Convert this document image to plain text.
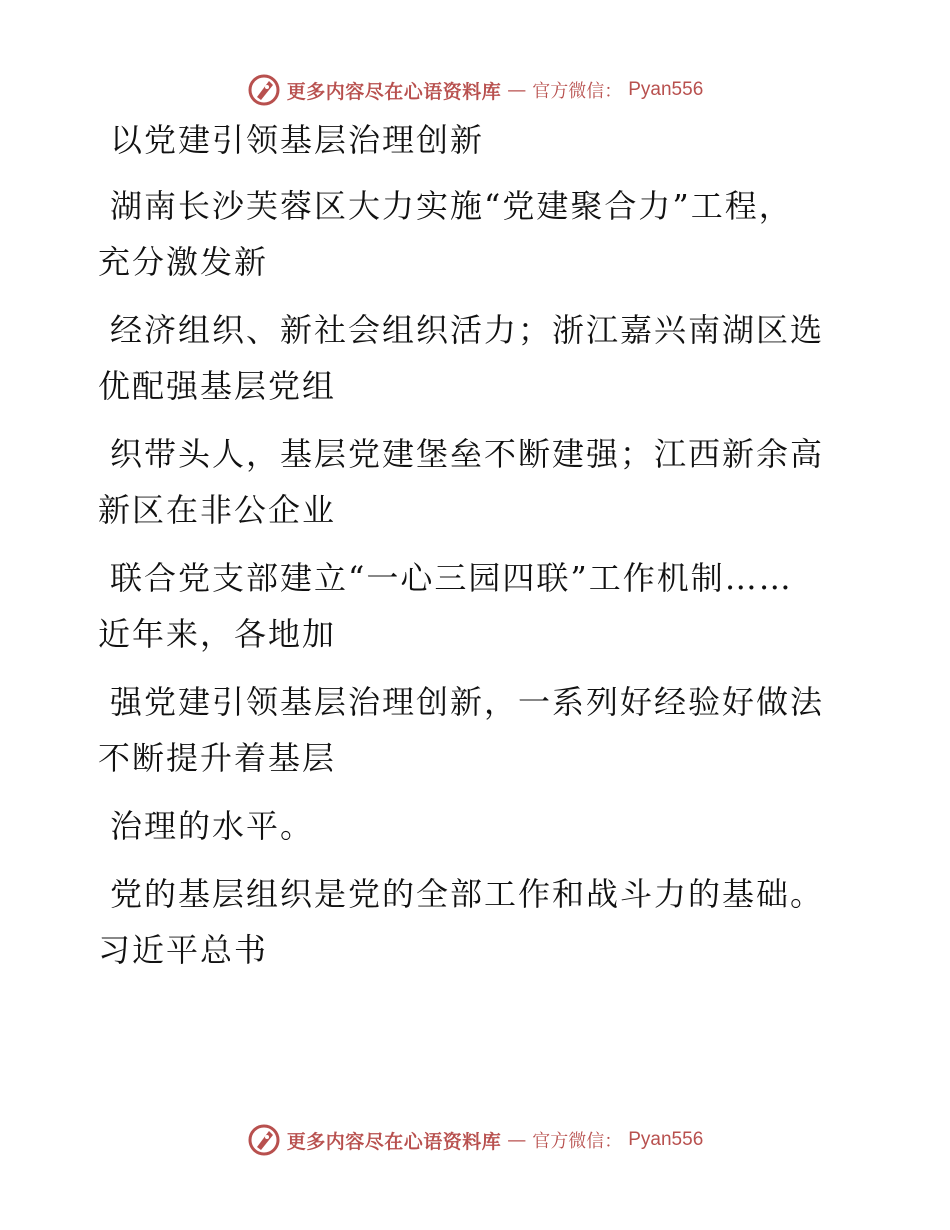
更多内容尽在心语资料库 — 官方微信： Pyan556
以党建引领基层治理创新
湖南长沙芙蓉区大力实施“党建聚合力”工程，
充分激发新
经济组织、新社会组织活力；浙江嘉兴南湖区选
优配强基层党组
织带头人，基层党建堡垒不断建强；江西新余高
新区在非公企业
联合党支部建立“一心三园四联”工作机制……
近年来，各地加
强党建引领基层治理创新，一系列好经验好做法
不断提升着基层
治理的水平。
党的基层组织是党的全部工作和战斗力的基础。
习近平总书
更多内容尽在心语资料库 — 官方微信： Pyan556
